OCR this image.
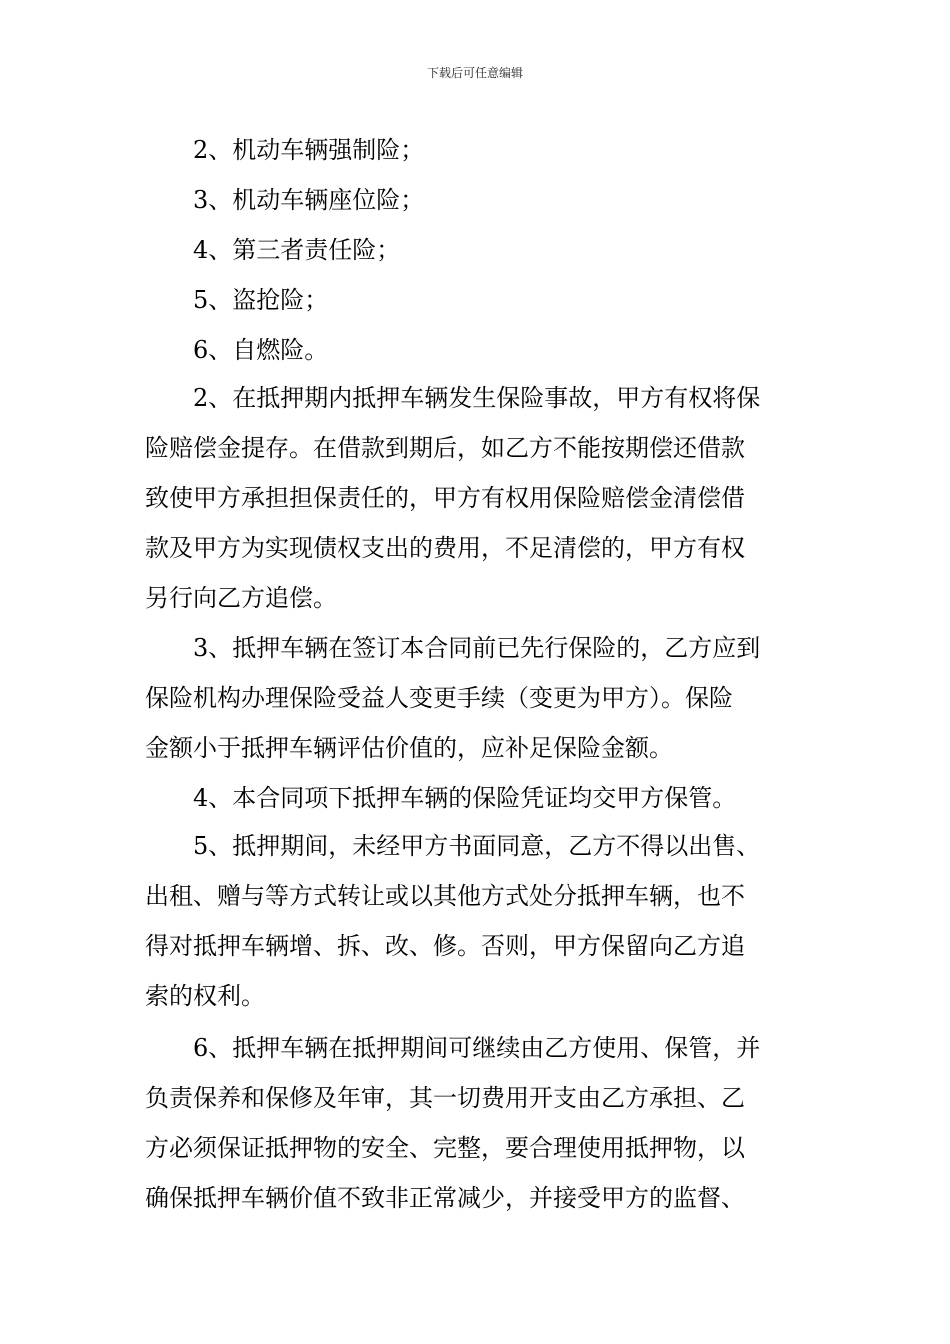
下载后可任意编辑
2、机动车辆强制险；
3、机动车辆座位险；
4、第三者责任险；
5、盗抢险；
6、自燃险。
2、在抵押期内抵押车辆发生保险事故，甲方有权将保
险赔偿金提存。在借款到期后，如乙方不能按期偿还借款
致使甲方承担担保责任的，甲方有权用保险赔偿金清偿借
款及甲方为实现债权支出的费用，不足清偿的，甲方有权
另行向乙方追偿。
3、抵押车辆在签订本合同前已先行保险的，乙方应到
保险机构办理保险受益人变更手续（变更为甲方）。保险
金额小于抵押车辆评估价值的，应补足保险金额。
4、本合同项下抵押车辆的保险凭证均交甲方保管。
5、抵押期间，未经甲方书面同意，乙方不得以出售、
出租、赠与等方式转让或以其他方式处分抵押车辆，也不
得对抵押车辆增、拆、改、修。否则，甲方保留向乙方追
索的权利。
6、抵押车辆在抵押期间可继续由乙方使用、保管，并
负责保养和保修及年审，其一切费用开支由乙方承担、乙
方必须保证抵押物的安全、完整，要合理使用抵押物，以
确保抵押车辆价值不致非正常减少，并接受甲方的监督、
